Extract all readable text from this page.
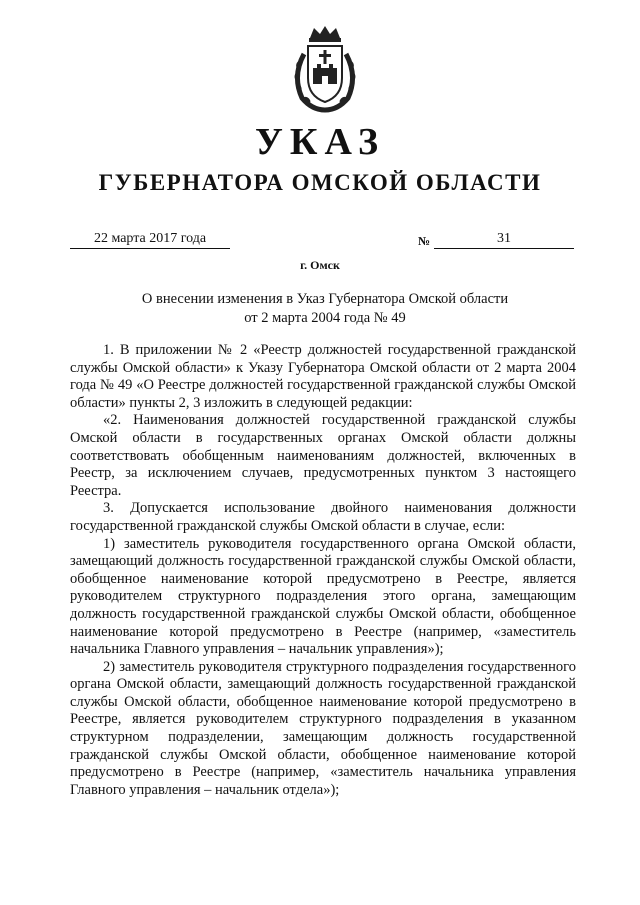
УКАЗ
ГУБЕРНАТОРА ОМСКОЙ ОБЛАСТИ
22 марта 2017 года	№	31
г. Омск
О внесении изменения в Указ Губернатора Омской области
от 2 марта 2004 года № 49

1. В приложении № 2 «Реестр должностей государственной гражданской службы Омской области» к Указу Губернатора Омской области от 2 марта 2004 года № 49 «О Реестре должностей государственной гражданской службы Омской области» пункты 2, 3 изложить в следующей редакции:

«2. Наименования должностей государственной гражданской службы Омской области в государственных органах Омской области должны соответствовать обобщенным наименованиям должностей, включенных в Реестр, за исключением случаев, предусмотренных пунктом 3 настоящего Реестра.

3. Допускается использование двойного наименования должности государственной гражданской службы Омской области в случае, если:

1) заместитель руководителя государственного органа Омской области, замещающий должность государственной гражданской службы Омской области, обобщенное наименование которой предусмотрено в Реестре, является руководителем структурного подразделения этого органа, замещающим должность государственной гражданской службы Омской области, обобщенное наименование которой предусмотрено в Реестре (например, «заместитель начальника Главного управления – начальник управления»);

2) заместитель руководителя структурного подразделения государственного органа Омской области, замещающий должность государственной гражданской службы Омской области, обобщенное наименование которой предусмотрено в Реестре, является руководителем структурного подразделения в указанном структурном подразделении, замещающим должность государственной гражданской службы Омской области, обобщенное наименование которой предусмотрено в Реестре (например, «заместитель начальника управления Главного управления – начальник отдела»);
